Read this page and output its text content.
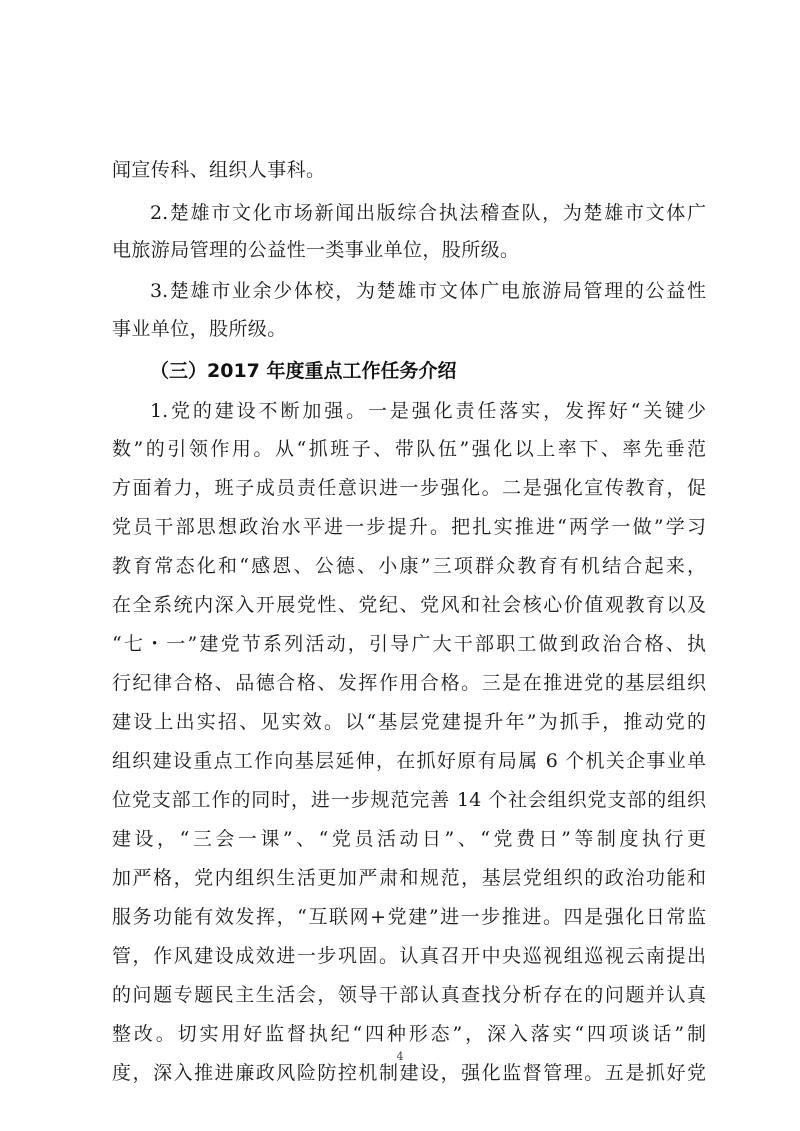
闻宣传科、组织人事科。
2.楚雄市文化市场新闻出版综合执法稽查队，为楚雄市文体广
电旅游局管理的公益性一类事业单位，股所级。
3.楚雄市业余少体校，为楚雄市文体广电旅游局管理的公益性
事业单位，股所级。
（三）2017 年度重点工作任务介绍
1.党的建设不断加强。一是强化责任落实，发挥好“关键少
数”的引领作用。从“抓班子、带队伍”强化以上率下、率先垂范
方面着力，班子成员责任意识进一步强化。二是强化宣传教育，促
党员干部思想政治水平进一步提升。把扎实推进“两学一做”学习
教育常态化和“感恩、公德、小康”三项群众教育有机结合起来，
在全系统内深入开展党性、党纪、党风和社会核心价值观教育以及
“七・一”建党节系列活动，引导广大干部职工做到政治合格、执
行纪律合格、品德合格、发挥作用合格。三是在推进党的基层组织
建设上出实招、见实效。以“基层党建提升年”为抓手，推动党的
组织建设重点工作向基层延伸，在抓好原有局属 6 个机关企事业单
位党支部工作的同时，进一步规范完善 14 个社会组织党支部的组织
建设，“三会一课”、“党员活动日”、“党费日”等制度执行更
加严格，党内组织生活更加严肃和规范，基层党组织的政治功能和
服务功能有效发挥，“互联网+党建”进一步推进。四是强化日常监
管，作风建设成效进一步巩固。认真召开中央巡视组巡视云南提出
的问题专题民主生活会，领导干部认真查找分析存在的问题并认真
整改。切实用好监督执纪“四种形态”，深入落实“四项谈话”制
度，深入推进廉政风险防控机制建设，强化监督管理。五是抓好党
4
